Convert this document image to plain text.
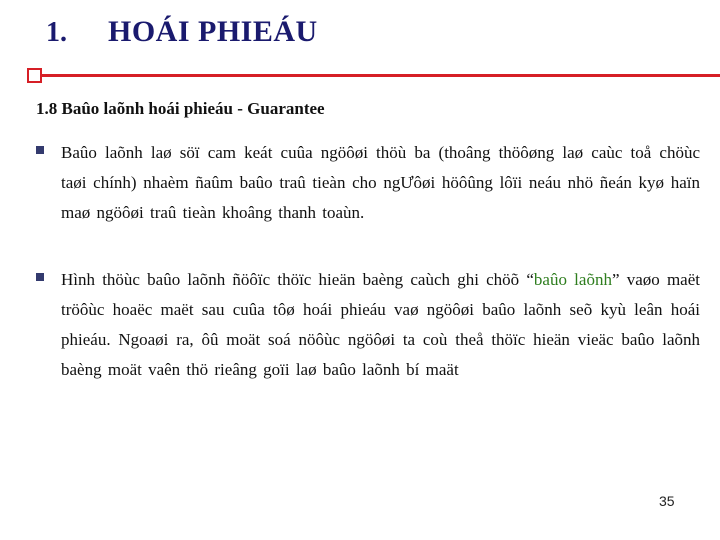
1. HOÁI PHIEÁU
1.8 Baûo laõnh hoái phieáu - Guarantee
Baûo laõnh laø söï cam keát cuûa ngöôøi thöù ba (thoâng thöôøng laø caùc toå chöùc taøi chính) nhaèm ñaûm baûo traû tieàn cho ngƯôøi höôûng lôïi neáu nhö ñeán kyø haïn maø ngöôøi traû tieàn khoâng thanh toaùn.
Hình thöùc baûo laõnh ñöôïc thöïc hieän baèng caùch ghi chöõ “baûo laõnh” vaøo maët tröôùc hoaëc maët sau cuûa tôø hoái phieáu vaø ngöôøi baûo laõnh seõ kyù leân hoái phieáu. Ngoaøi ra, ôû moät soá nöôùc ngöôøi ta coù theå thöïc hieän vieäc baûo laõnh baèng moät vaên thö rieâng goïi laø baûo laõnh bí maät
35
